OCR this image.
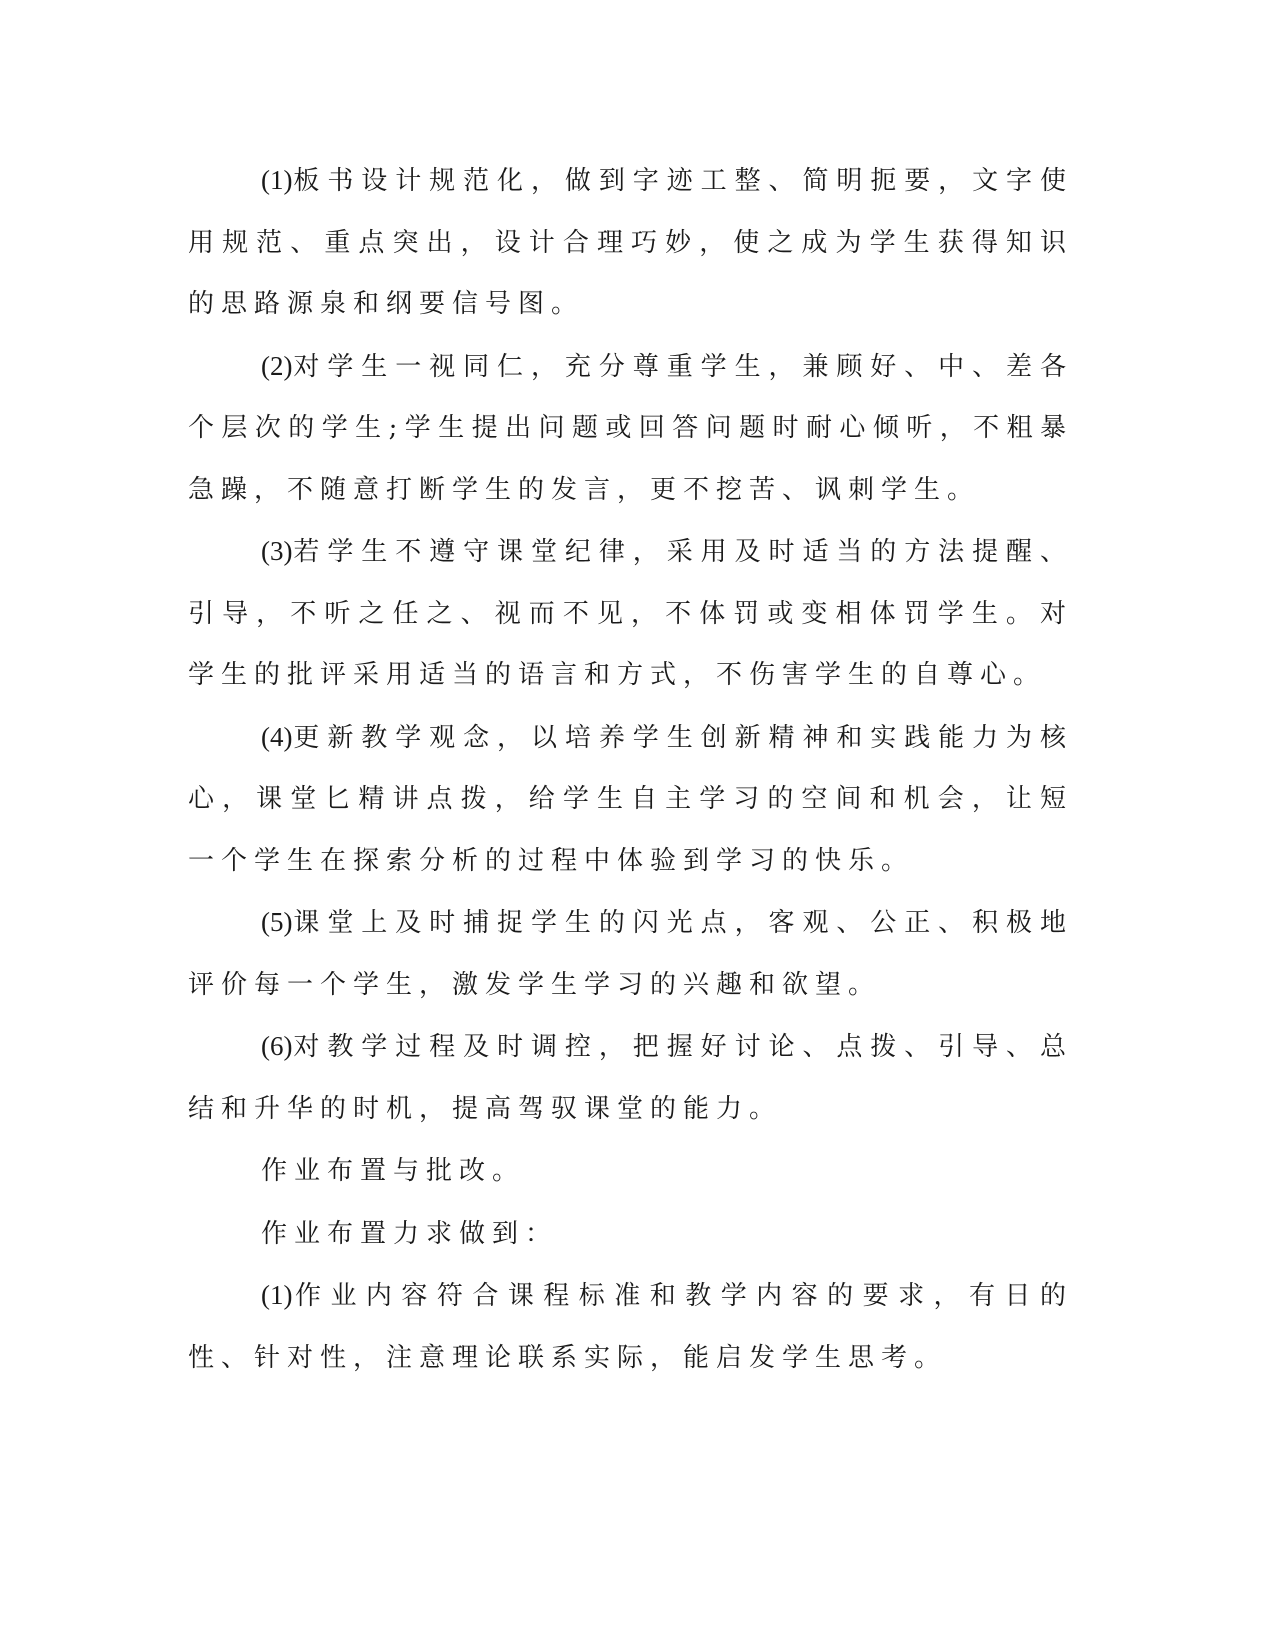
(1)板书设计规范化，做到字迹工整、简明扼要，文字使用规范、重点突出，设计合理巧妙，使之成为学生获得知识的思路源泉和纲要信号图。

(2)对学生一视同仁，充分尊重学生，兼顾好、中、差各个层次的学生;学生提出问题或回答问题时耐心倾听，不粗暴急躁，不随意打断学生的发言，更不挖苦、讽刺学生。

(3)若学生不遵守课堂纪律，采用及时适当的方法提醒、引导，不听之任之、视而不见，不体罚或变相体罚学生。对学生的批评采用适当的语言和方式，不伤害学生的自尊心。

(4)更新教学观念，以培养学生创新精神和实践能力为核心，课堂匕精讲点拨，给学生自主学习的空间和机会，让短一个学生在探索分析的过程中体验到学习的快乐。

(5)课堂上及时捕捉学生的闪光点，客观、公正、积极地评价每一个学生，激发学生学习的兴趣和欲望。

(6)对教学过程及时调控，把握好讨论、点拨、引导、总结和升华的时机，提高驾驭课堂的能力。

作业布置与批改。

作业布置力求做到：

(1)作业内容符合课程标准和教学内容的要求，有日的性、针对性，注意理论联系实际，能启发学生思考。
